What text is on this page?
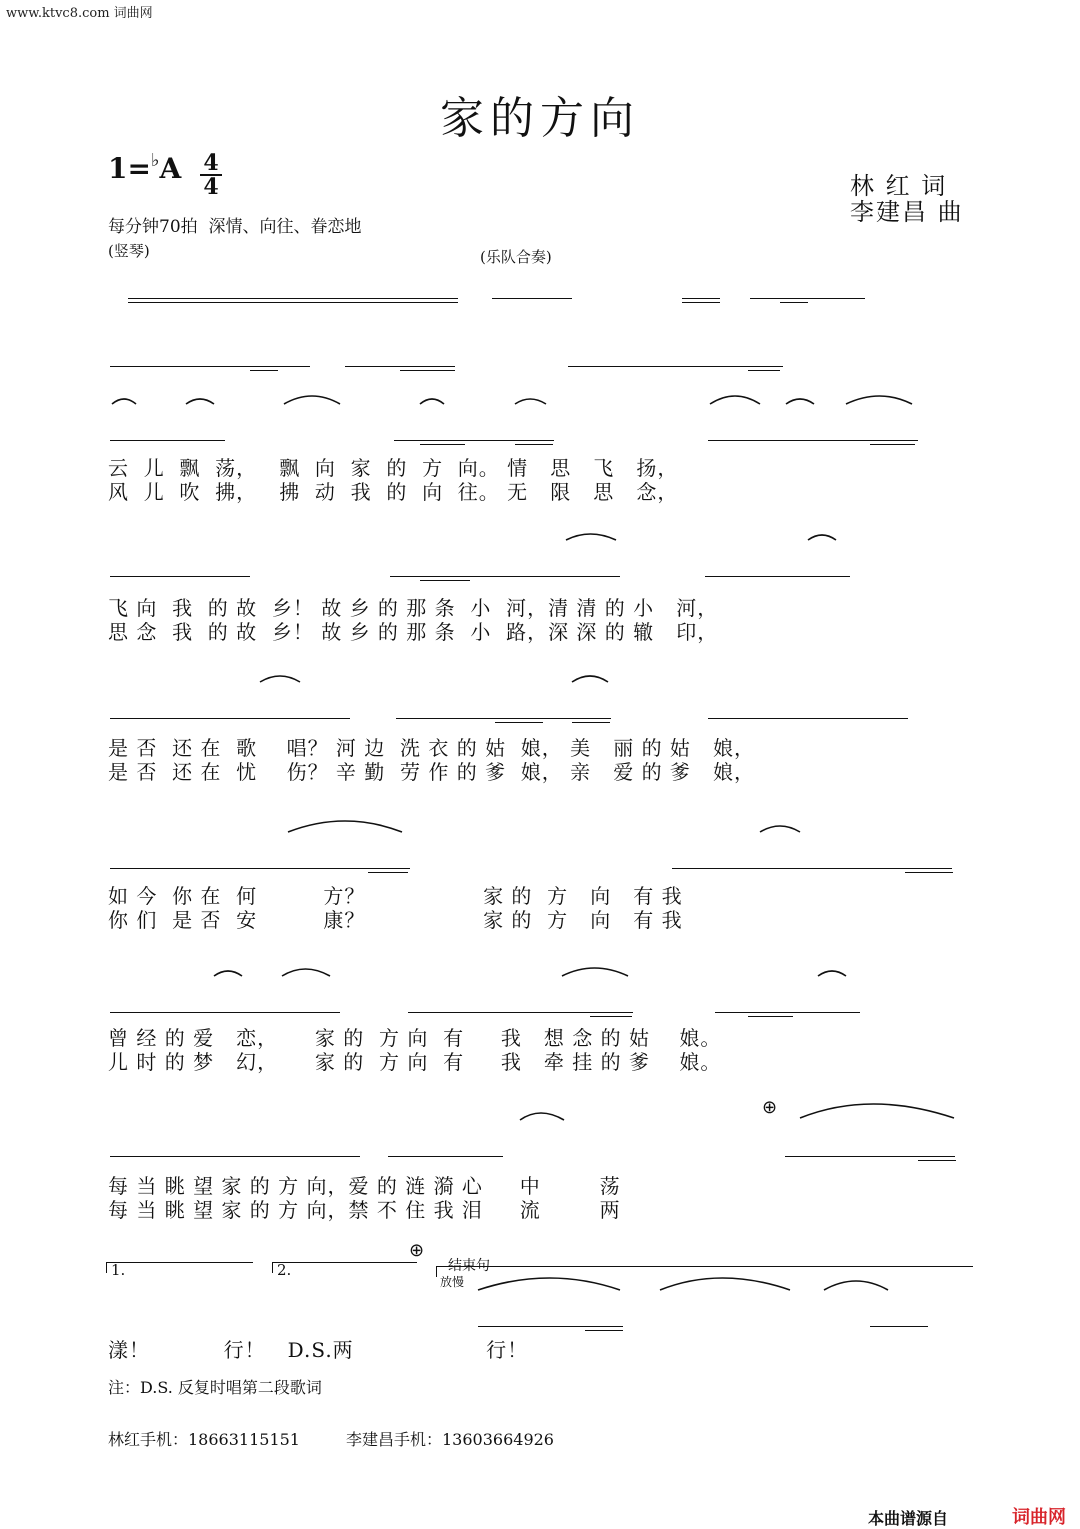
www.ktvc8.com 词曲网
家的方向
1=♭A 4
4	林 红 词
李建昌 曲
每分钟70拍  深情、向往、眷恋地
(竖琴)	(乐队合奏)

云  儿  飘  荡，   飘  向  家  的  方  向。 情   思   飞   扬，
风  儿  吹  拂，   拂  动  我  的  向  往。 无   限   思   念，

飞 向  我  的 故  乡！ 故 乡 的 那 条  小  河，清 清 的 小   河，
思 念  我  的 故  乡！ 故 乡 的 那 条  小  路，深 深 的 辙   印，

是 否  还 在  歌    唱？ 河 边  洗 衣 的 姑  娘， 美   丽 的 姑   娘，
是 否  还 在  忧    伤？ 辛 勤  劳 作 的 爹  娘， 亲   爱 的 爹   娘，

如 今  你 在  何         方？                家 的  方   向   有 我
你 们  是 否  安         康？                家 的  方   向   有 我

曾 经 的 爱   恋，     家 的  方 向  有     我   想 念 的 姑    娘。
儿 时 的 梦   幻，     家 的  方 向  有     我   牵 挂 的 爹    娘。

每 当 眺 望 家 的 方 向，爱 的 涟 漪 心     中        荡
每 当 眺 望 家 的 方 向，禁 不 住 我 泪     流        两
⊕
1.	2.
⊕
结束句
放慢

漾！          行！   D.S.两                  行！
注：D.S. 反复时唱第二段歌词
林红手机：18663115151	李建昌手机：13603664926
本曲谱源自	词曲网
